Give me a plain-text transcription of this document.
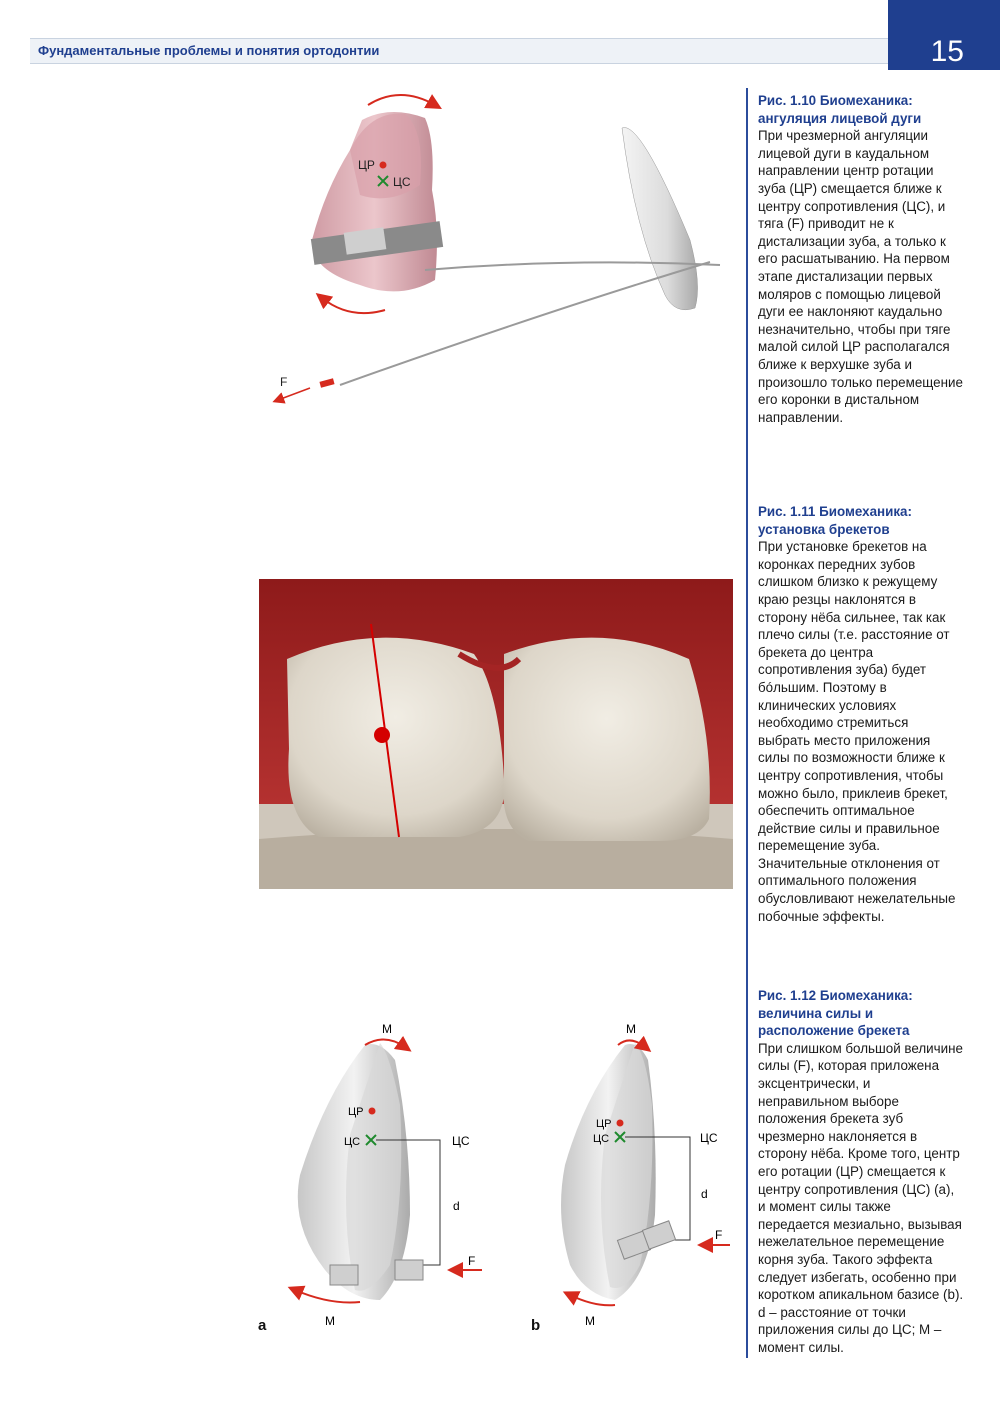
Фундаментальные проблемы и понятия ортодонтии	15
ЦР
ЦС
F
Рис. 1.10 Биомеханика: ангуляция лицевой дуги
При чрезмерной ангуляции лицевой дуги в каудальном направлении центр ротации зуба (ЦР) смещается ближе к центру сопротивления (ЦС), и тяга (F) приводит не к дистализации зуба, а только к его расшатыванию. На первом этапе дистализации первых моляров с помощью лицевой дуги ее наклоняют каудально незначительно, чтобы при тяге малой силой ЦР располагался ближе к верхушке зуба и произошло только перемещение его коронки в дистальном направлении.
Рис. 1.11 Биомеханика: установка брекетов
При установке брекетов на коронках передних зубов слишком близко к режущему краю резцы наклонятся в сторону нёба сильнее, так как плечо силы (т.е. расстояние от брекета до центра сопротивления зуба) будет бóльшим. Поэтому в клинических условиях необходимо стремиться выбрать место приложения силы по возможности ближе к центру сопротивления, чтобы можно было, приклеив брекет, обеспечить оптимальное действие силы и правильное перемещение зуба. Значительные отклонения от оптимального положения обусловливают нежелательные побочные эффекты.
M
ЦР
ЦС	ЦС
d
F
M
a
M
ЦР
ЦС	ЦС
d
F
M
b
Рис. 1.12 Биомеханика: величина силы и расположение брекета
При слишком большой величине силы (F), которая приложена эксцентрически, и неправильном выборе положения брекета зуб чрезмерно наклоняется в сторону нёба. Кроме того, центр его ротации (ЦР) смещается к центру сопротивления (ЦС) (a), и момент силы также передается мезиально, вызывая нежелательное перемещение корня зуба. Такого эффекта следует избегать, особенно при коротком апикальном базисе (b). d – расстояние от точки приложения силы до ЦС; M – момент силы.
